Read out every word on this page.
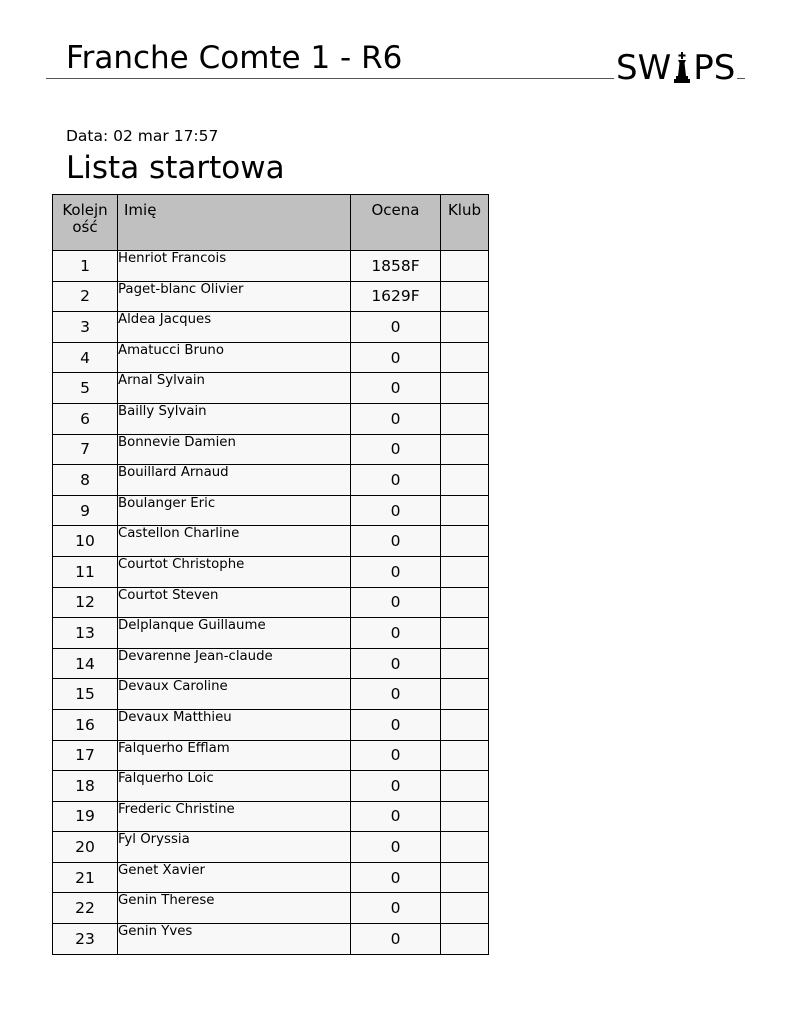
Franche Comte 1 - R6	SW PS
Data: 02 mar 17:57
Lista startowa
Kolejn ość	Imię	Ocena	Klub
1	Henriot Francois	1858F	
2	Paget-blanc Olivier	1629F	
3	Aldea Jacques	0	
4	Amatucci Bruno	0	
5	Arnal Sylvain	0	
6	Bailly Sylvain	0	
7	Bonnevie Damien	0	
8	Bouillard Arnaud	0	
9	Boulanger Eric	0	
10	Castellon Charline	0	
11	Courtot Christophe	0	
12	Courtot Steven	0	
13	Delplanque Guillaume	0	
14	Devarenne Jean-claude	0	
15	Devaux Caroline	0	
16	Devaux Matthieu	0	
17	Falquerho Efflam	0	
18	Falquerho Loic	0	
19	Frederic Christine	0	
20	Fyl Oryssia	0	
21	Genet Xavier	0	
22	Genin Therese	0	
23	Genin Yves	0	
